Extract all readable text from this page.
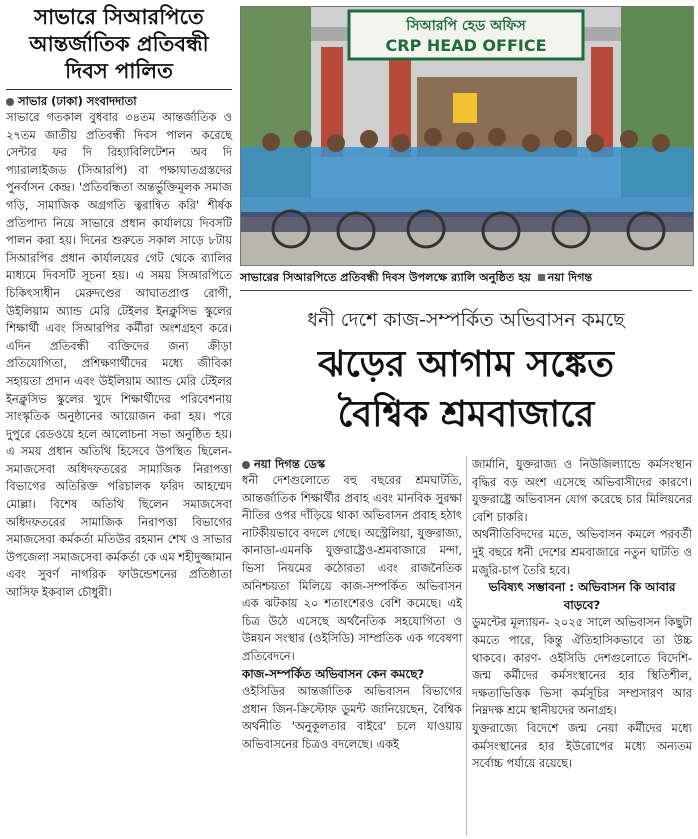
সাভারে সিআরপিতে আন্তর্জাতিক প্রতিবন্ধী দিবস পালিত
সাভার (ঢাকা) সংবাদদাতা

সাভারে গতকাল বুধবার ৩৪তম আন্তর্জাতিক ও ২৭তম জাতীয় প্রতিবন্ধী দিবস পালন করেছে সেন্টার ফর দি রিহ্যাবিলিটেশন অব দি প্যারালাইজড (সিআরপি) বা পক্ষাঘাতগ্রস্তদের পুনর্বাসন কেন্দ্র। 'প্রতিবন্ধিতা অন্তর্ভুক্তিমূলক সমাজ গড়ি, সামাজিক অগ্রগতি ত্বরান্বিত করি' শীর্ষক প্রতিপাদ্য নিয়ে সাভারে প্রধান কার্যালয়ে দিবসটি পালন করা হয়। দিনের শুরুতে সকাল সাড়ে ৮টায় সিআরপির প্রধান কার্যালয়ের গেট থেকে র‍্যালির মাধ্যমে দিবসটি সূচনা হয়। এ সময় সিআরপিতে চিকিৎসাধীন মেরুদণ্ডের আঘাতপ্রাপ্ত রোগী, উইলিয়াম অ্যান্ড মেরি টেইলর ইনক্লুসিভ স্কুলের শিক্ষার্থী এবং সিআরপির কর্মীরা অংশগ্রহণ করে। এদিন প্রতিবন্ধী ব্যক্তিদের জন্য ক্রীড়া প্রতিযোগিতা, প্রশিক্ষণার্থীদের মধ্যে জীবিকা সহায়তা প্রদান এবং উইলিয়াম অ্যান্ড মেরি টেইলর ইনক্লুসিভ স্কুলের খুদে শিক্ষার্থীদের পরিবেশনায় সাংস্কৃতিক অনুষ্ঠানের আয়োজন করা হয়। পরে দুপুরে রেডওয়ে হলে আলোচনা সভা অনুষ্ঠিত হয়। এ সময় প্রধান অতিথি হিসেবে উপস্থিত ছিলেন- সমাজসেবা অধিদফতরের সামাজিক নিরাপত্তা বিভাগের অতিরিক্ত পরিচালক ফরিদ আহম্মেদ মোল্লা। বিশেষ অতিথি ছিলেন সমাজসেবা অধিদফতরের সামাজিক নিরাপত্তা বিভাগের সমাজসেবা কর্মকর্তা মতিউর রহমান শেখ ও সাভার উপজেলা সমাজসেবা কর্মকর্তা কে এম শহীদুজ্জামান এবং সুবর্ণ নাগরিক ফাউন্ডেশনের প্রতিষ্ঠাতা আসিফ ইকবাল চৌধুরী।

সিআরপি হেড অফিস
CRP HEAD OFFICE
সাভারের সিআরপিতে প্রতিবন্ধী দিবস উপলক্ষে র‍্যালি অনুষ্ঠিত হয় নয়া দিগন্ত
ধনী দেশে কাজ-সম্পর্কিত অভিবাসন কমছে
ঝড়ের আগাম সঙ্কেত
বৈশ্বিক শ্রমবাজারে
নয়া দিগন্ত ডেস্ক

ধনী দেশগুলোতে বহু বছরের শ্রমঘাটতি, আন্তর্জাতিক শিক্ষার্থীর প্রবাহ এবং মানবিক সুরক্ষা নীতির ওপর দাঁড়িয়ে থাকা অভিবাসন প্রবাহ হঠাৎ নাটকীয়ভাবে বদলে গেছে। অস্ট্রেলিয়া, যুক্তরাজ্য, কানাডা-এমনকি যুক্তরাষ্ট্রেও-শ্রমবাজারে মন্দা, ভিসা নিয়মের কঠোরতা এবং রাজনৈতিক অনিশ্চয়তা মিলিয়ে কাজ-সম্পর্কিত অভিবাসন এক ঝটকায় ২০ শতাংশেরও বেশি কমেছে। এই চিত্র উঠে এসেছে অর্থনৈতিক সহযোগিতা ও উন্নয়ন সংস্থার (ওইসিডি) সাম্প্রতিক এক গবেষণা প্রতিবেদনে।

কাজ-সম্পর্কিত অভিবাসন কেন কমছে?

ওইসিডির আন্তর্জাতিক অভিবাসন বিভাগের প্রধান জিন-ক্রিস্টোফ ডুমন্ট জানিয়েছেন, বৈশ্বিক অর্থনীতি 'অনুকূলতার বাইরে' চলে যাওয়ায় অভিবাসনের চিত্রও বদলেছে। একই

জার্মানি, যুক্তরাজ্য ও নিউজিল্যান্ডে কর্মসংস্থান বৃদ্ধির বড় অংশ এসেছে অভিবাসীদের কারণে। যুক্তরাষ্ট্রে অভিবাসন যোগ করেছে চার মিলিয়নের বেশি চাকরি।

অর্থনীতিবিদদের মতে, অভিবাসন কমলে পরবর্তী দুই বছরে ধনী দেশের শ্রমবাজারে নতুন ঘাটতি ও মজুরি-চাপ তৈরি হবে।

ভবিষ্যৎ সম্ভাবনা : অভিবাসন কি আবার বাড়বে?

ডুমন্টের মূল্যায়ন- ২০২৫ সালে অভিবাসন কিছুটা কমতে পারে, কিন্তু ঐতিহাসিকভাবে তা উচ্চ থাকবে। কারণ- ওইসিডি দেশগুলোতে বিদেশি-জন্ম কর্মীদের কর্মসংস্থানের হার স্থিতিশীল, দক্ষতাভিত্তিক ভিসা কর্মসূচির সম্প্রসারণ আর নিম্নদক্ষ শ্রমে স্থানীয়দের অনাগ্রহ।

যুক্তরাজ্যে বিদেশে জন্ম নেয়া কর্মীদের মধ্যে কর্মসংস্থানের হার ইউরোপের মধ্যে অন্যতম সর্বোচ্চ পর্যায়ে রয়েছে।
